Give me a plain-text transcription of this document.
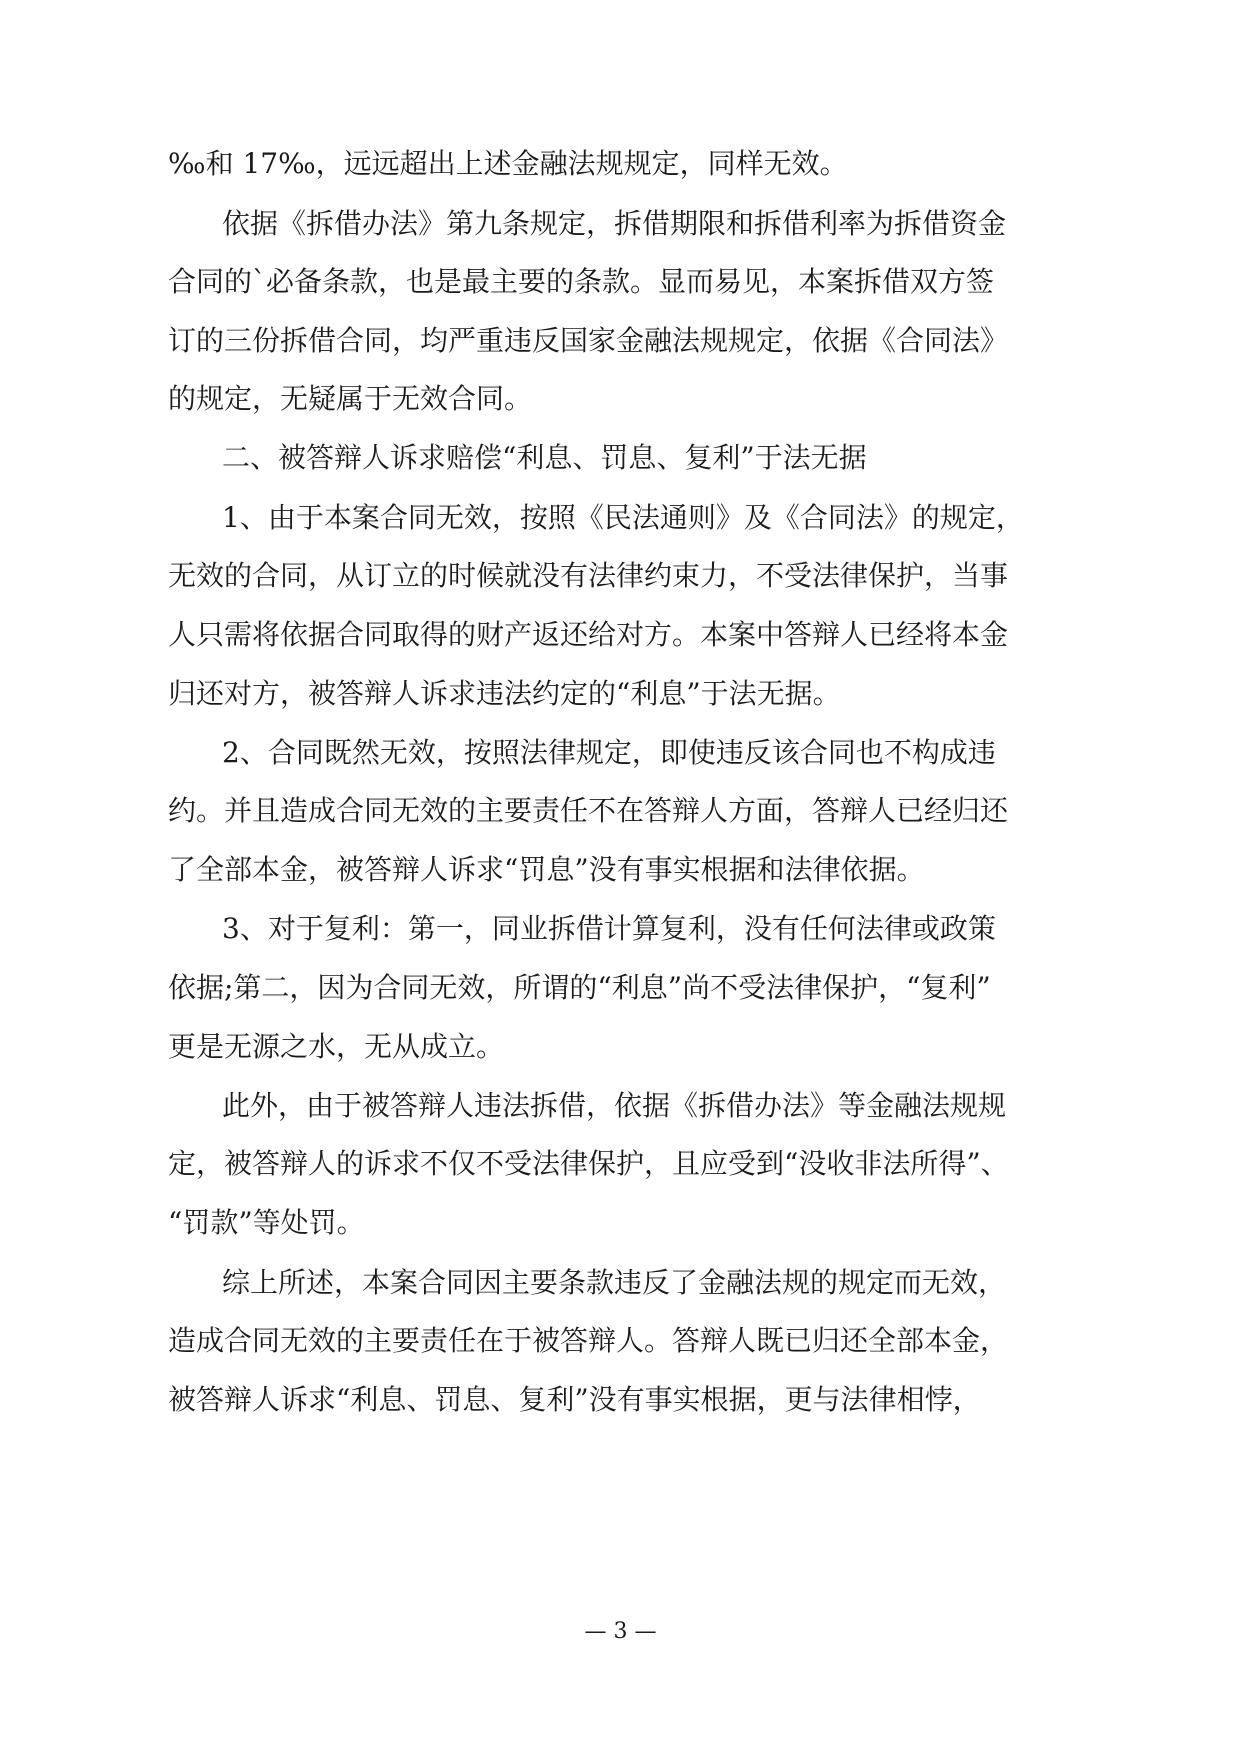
‰和 17‰，远远超出上述金融法规规定，同样无效。
依据《拆借办法》第九条规定，拆借期限和拆借利率为拆借资金
合同的`必备条款，也是最主要的条款。显而易见，本案拆借双方签
订的三份拆借合同，均严重违反国家金融法规规定，依据《合同法》
的规定，无疑属于无效合同。
二、被答辩人诉求赔偿“利息、罚息、复利”于法无据
1、由于本案合同无效，按照《民法通则》及《合同法》的规定，
无效的合同，从订立的时候就没有法律约束力，不受法律保护，当事
人只需将依据合同取得的财产返还给对方。本案中答辩人已经将本金
归还对方，被答辩人诉求违法约定的“利息”于法无据。
2、合同既然无效，按照法律规定，即使违反该合同也不构成违
约。并且造成合同无效的主要责任不在答辩人方面，答辩人已经归还
了全部本金，被答辩人诉求“罚息”没有事实根据和法律依据。
3、对于复利：第一，同业拆借计算复利，没有任何法律或政策
依据;第二，因为合同无效，所谓的“利息”尚不受法律保护，“复利”
更是无源之水，无从成立。
此外，由于被答辩人违法拆借，依据《拆借办法》等金融法规规
定，被答辩人的诉求不仅不受法律保护，且应受到“没收非法所得”、
“罚款”等处罚。
综上所述，本案合同因主要条款违反了金融法规的规定而无效，
造成合同无效的主要责任在于被答辩人。答辩人既已归还全部本金，
被答辩人诉求“利息、罚息、复利”没有事实根据，更与法律相悖，
— 3 —
